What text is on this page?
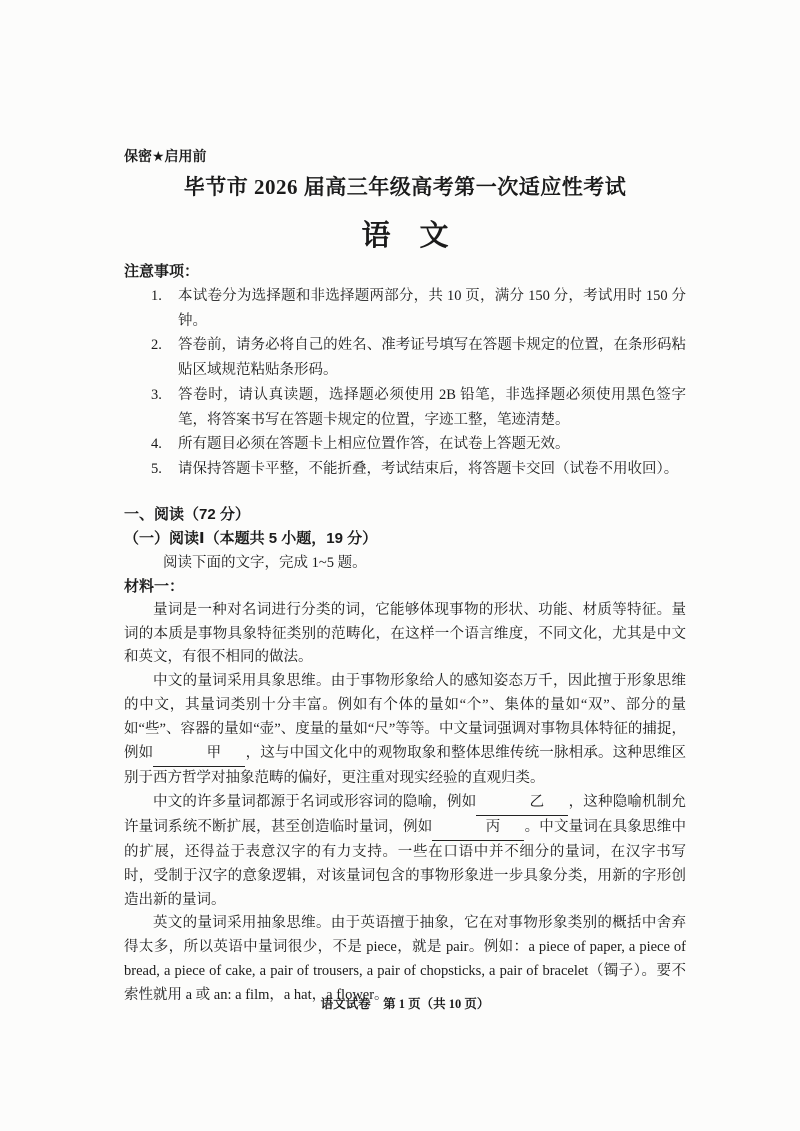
保密★启用前
毕节市 2026 届高三年级高考第一次适应性考试
语　文
注意事项：
1.	本试卷分为选择题和非选择题两部分，共 10 页，满分 150 分，考试用时 150 分钟。
2.	答卷前，请务必将自己的姓名、准考证号填写在答题卡规定的位置，在条形码粘贴区域规范粘贴条形码。
3.	答卷时，请认真读题，选择题必须使用 2B 铅笔，非选择题必须使用黑色签字笔，将答案书写在答题卡规定的位置，字迹工整，笔迹清楚。
4.	所有题目必须在答题卡上相应位置作答，在试卷上答题无效。
5.	请保持答题卡平整，不能折叠，考试结束后，将答题卡交回（试卷不用收回）。
一、阅读（72 分）
（一）阅读Ⅰ（本题共 5 小题，19 分）
阅读下面的文字，完成 1~5 题。
材料一：

量词是一种对名词进行分类的词，它能够体现事物的形状、功能、材质等特征。量词的本质是事物具象特征类别的范畴化，在这样一个语言维度，不同文化，尤其是中文和英文，有很不相同的做法。

中文的量词采用具象思维。由于事物形象给人的感知姿态万千，因此擅于形象思维的中文，其量词类别十分丰富。例如有个体的量如“个”、集体的量如“双”、部分的量如“些”、容器的量如“壶”、度量的量如“尺”等等。中文量词强调对事物具体特征的捕捉，例如	甲 ，这与中国文化中的观物取象和整体思维传统一脉相承。这种思维区别于西方哲学对抽象范畴的偏好，更注重对现实经验的直观归类。

中文的许多量词都源于名词或形容词的隐喻，例如	乙 ，这种隐喻机制允许量词系统不断扩展，甚至创造临时量词，例如	丙 。中文量词在具象思维中的扩展，还得益于表意汉字的有力支持。一些在口语中并不细分的量词，在汉字书写时，受制于汉字的意象逻辑，对该量词包含的事物形象进一步具象分类，用新的字形创造出新的量词。

英文的量词采用抽象思维。由于英语擅于抽象，它在对事物形象类别的概括中舍弃得太多，所以英语中量词很少，不是 piece，就是 pair。例如：a piece of paper, a piece of bread, a piece of cake, a pair of trousers, a pair of chopsticks, a pair of bracelet（镯子）。要不索性就用 a 或 an: a film，a hat，a flower。

语文试卷　第 1 页（共 10 页）
